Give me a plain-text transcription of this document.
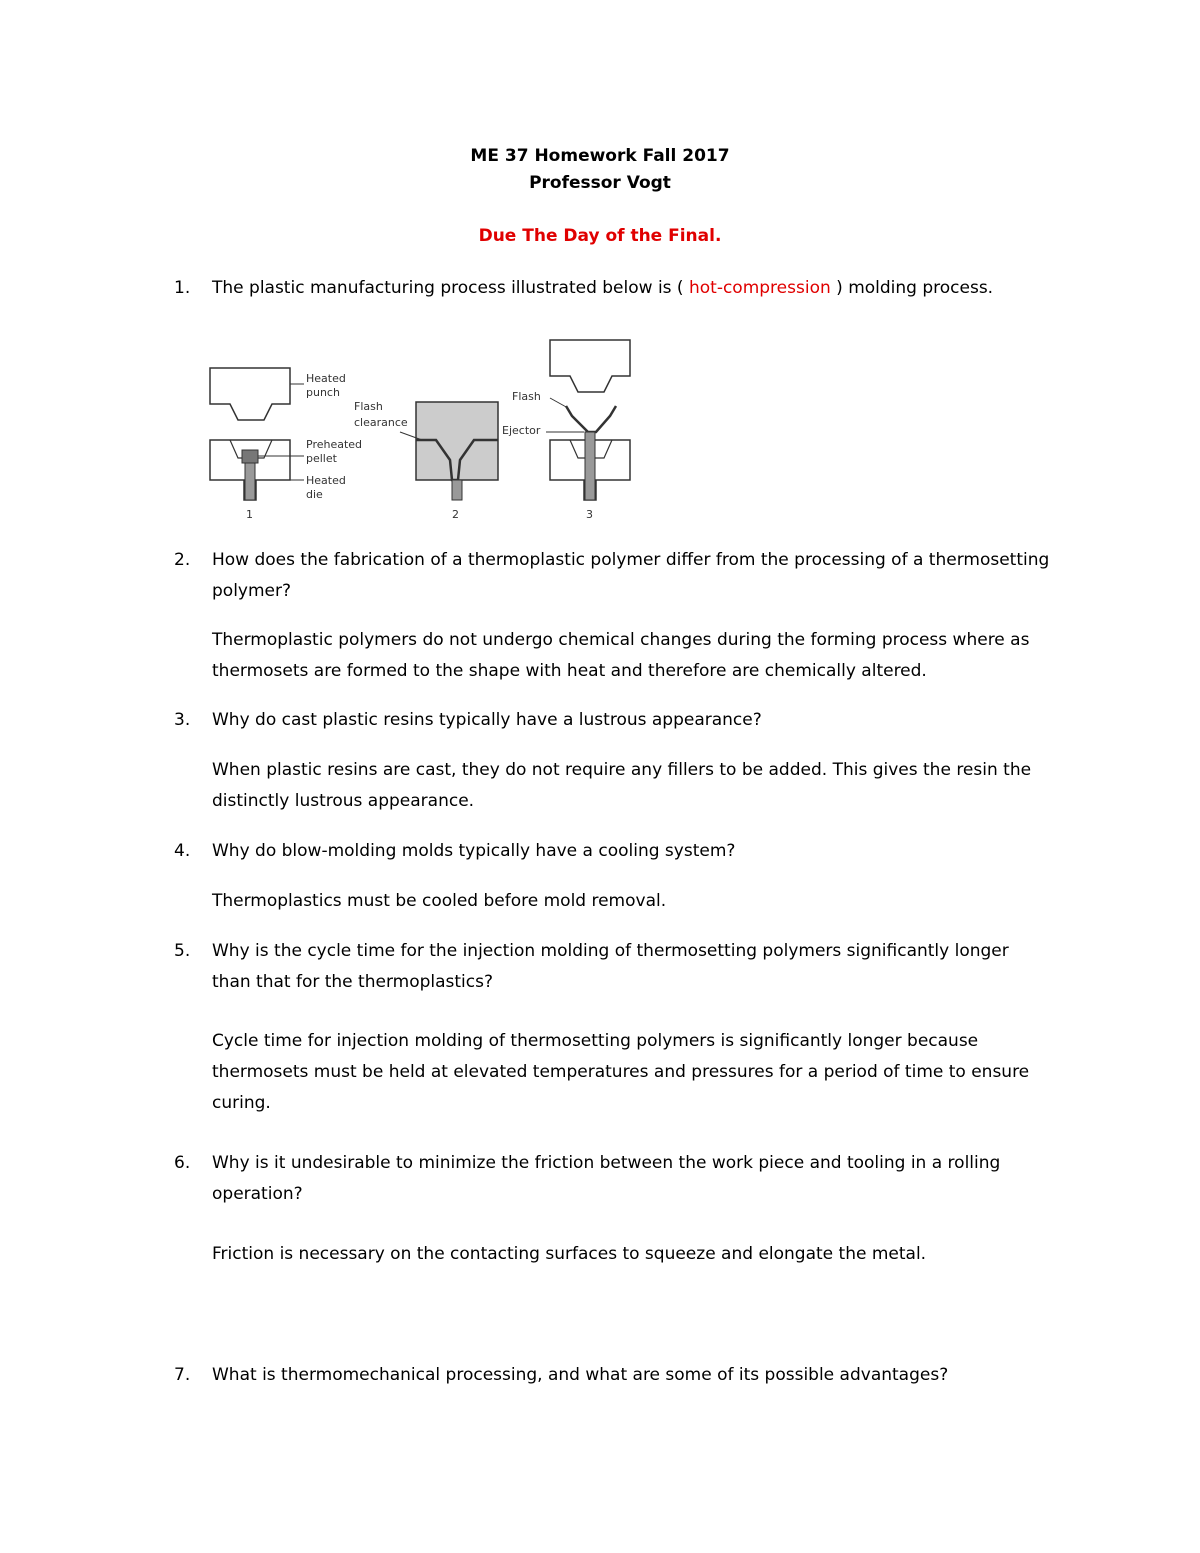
ME 37 Homework Fall 2017
Professor Vogt
Due The Day of the Final.
1.	The plastic manufacturing process illustrated below is ( hot-compression ) molding process.
Heated
punch
Preheated
pellet
Heated
die
1
Flash
clearance
2
Flash
Ejector
3
2.	How does the fabrication of a thermoplastic polymer differ from the processing of a thermosetting polymer?
Thermoplastic polymers do not undergo chemical changes during the forming process where as thermosets are formed to the shape with heat and therefore are chemically altered.
3.	Why do cast plastic resins typically have a lustrous appearance?
When plastic resins are cast, they do not require any fillers to be added. This gives the resin the distinctly lustrous appearance.
4.	Why do blow-molding molds typically have a cooling system?
Thermoplastics must be cooled before mold removal.
5.	Why is the cycle time for the injection molding of thermosetting polymers significantly longer than that for the thermoplastics?
Cycle time for injection molding of thermosetting polymers is significantly longer because thermosets must be held at elevated temperatures and pressures for a period of time to ensure curing.
6.	Why is it undesirable to minimize the friction between the work piece and tooling in a rolling operation?
Friction is necessary on the contacting surfaces to squeeze and elongate the metal.
7.	What is thermomechanical processing, and what are some of its possible advantages?
